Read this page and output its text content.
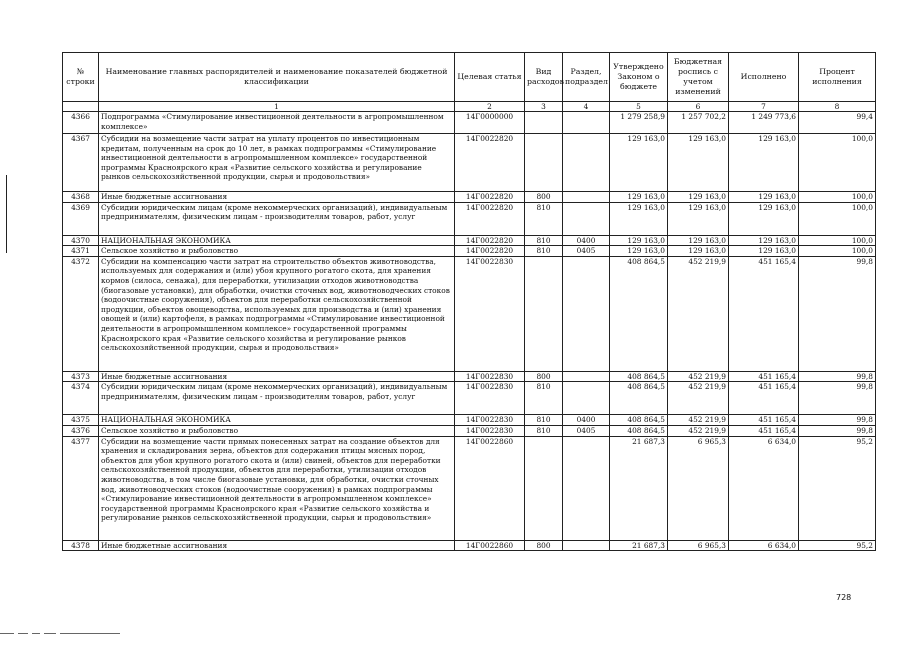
№ строки	Наименование главных распорядителей и наименование показателей бюджетной классификации	Целевая статья	Вид расходов	Раздел, подраздел	Утверждено Законом о бюджете	Бюджетная роспись с учетом изменений	Исполнено	Процент исполнения
	1	2	3	4	5	6	7	8
4366	Подпрограмма «Стимулирование инвестиционной деятельности в агропромышленном комплексе»	14Г0000000			1 279 258,9	1 257 702,2	1 249 773,6	99,4
4367	Субсидии на возмещение части затрат на уплату процентов по инвестиционным кредитам, полученным на срок до 10 лет, в рамках подпрограммы «Стимулирование инвестиционной деятельности в агропромышленном комплексе» государственной программы Красноярского края «Развитие сельского хозяйства и регулирование рынков сельскохозяйственной продукции, сырья и продовольствия»	14Г0022820			129 163,0	129 163,0	129 163,0	100,0
4368	Иные бюджетные ассигнования	14Г0022820	800		129 163,0	129 163,0	129 163,0	100,0
4369	Субсидии юридическим лицам (кроме некоммерческих организаций), индивидуальным предпринимателям, физическим лицам - производителям товаров, работ, услуг	14Г0022820	810		129 163,0	129 163,0	129 163,0	100,0
4370	НАЦИОНАЛЬНАЯ ЭКОНОМИКА	14Г0022820	810	0400	129 163,0	129 163,0	129 163,0	100,0
4371	Сельское хозяйство и рыболовство	14Г0022820	810	0405	129 163,0	129 163,0	129 163,0	100,0
4372	Субсидии на компенсацию части затрат на строительство объектов животноводства, используемых для содержания и (или) убоя крупного рогатого скота, для хранения кормов (силоса, сенажа), для переработки, утилизации отходов животноводства (биогазовые установки), для обработки, очистки сточных вод, животноводческих стоков (водоочистные сооружения), объектов для переработки сельскохозяйственной продукции, объектов овощеводства, используемых для производства и (или) хранения овощей и (или) картофеля, в рамках подпрограммы «Стимулирование инвестиционной деятельности в агропромышленном комплексе» государственной программы Красноярского края «Развитие сельского хозяйства и регулирование рынков сельскохозяйственной продукции, сырья и продовольствия»	14Г0022830			408 864,5	452 219,9	451 165,4	99,8
4373	Иные бюджетные ассигнования	14Г0022830	800		408 864,5	452 219,9	451 165,4	99,8
4374	Субсидии юридическим лицам (кроме некоммерческих организаций), индивидуальным предпринимателям, физическим лицам - производителям товаров, работ, услуг	14Г0022830	810		408 864,5	452 219,9	451 165,4	99,8
4375	НАЦИОНАЛЬНАЯ ЭКОНОМИКА	14Г0022830	810	0400	408 864,5	452 219,9	451 165,4	99,8
4376	Сельское хозяйство и рыболовство	14Г0022830	810	0405	408 864,5	452 219,9	451 165,4	99,8
4377	Субсидии на возмещение части прямых понесенных затрат на создание объектов для хранения и складирования зерна, объектов для содержания птицы мясных пород, объектов для убоя крупного рогатого скота и (или) свиней, объектов для переработки сельскохозяйственной продукции, объектов для переработки, утилизации отходов животноводства, в том числе биогазовые установки, для обработки, очистки сточных вод, животноводческих стоков (водоочистные сооружения) в рамках подпрограммы «Стимулирование инвестиционной деятельности в агропромышленном комплексе» государственной программы Красноярского края «Развитие сельского хозяйства и регулирование рынков сельскохозяйственной продукции, сырья и продовольствия»	14Г0022860			21 687,3	6 965,3	6 634,0	95,2
4378	Иные бюджетные ассигнования	14Г0022860	800		21 687,3	6 965,3	6 634,0	95,2
728
